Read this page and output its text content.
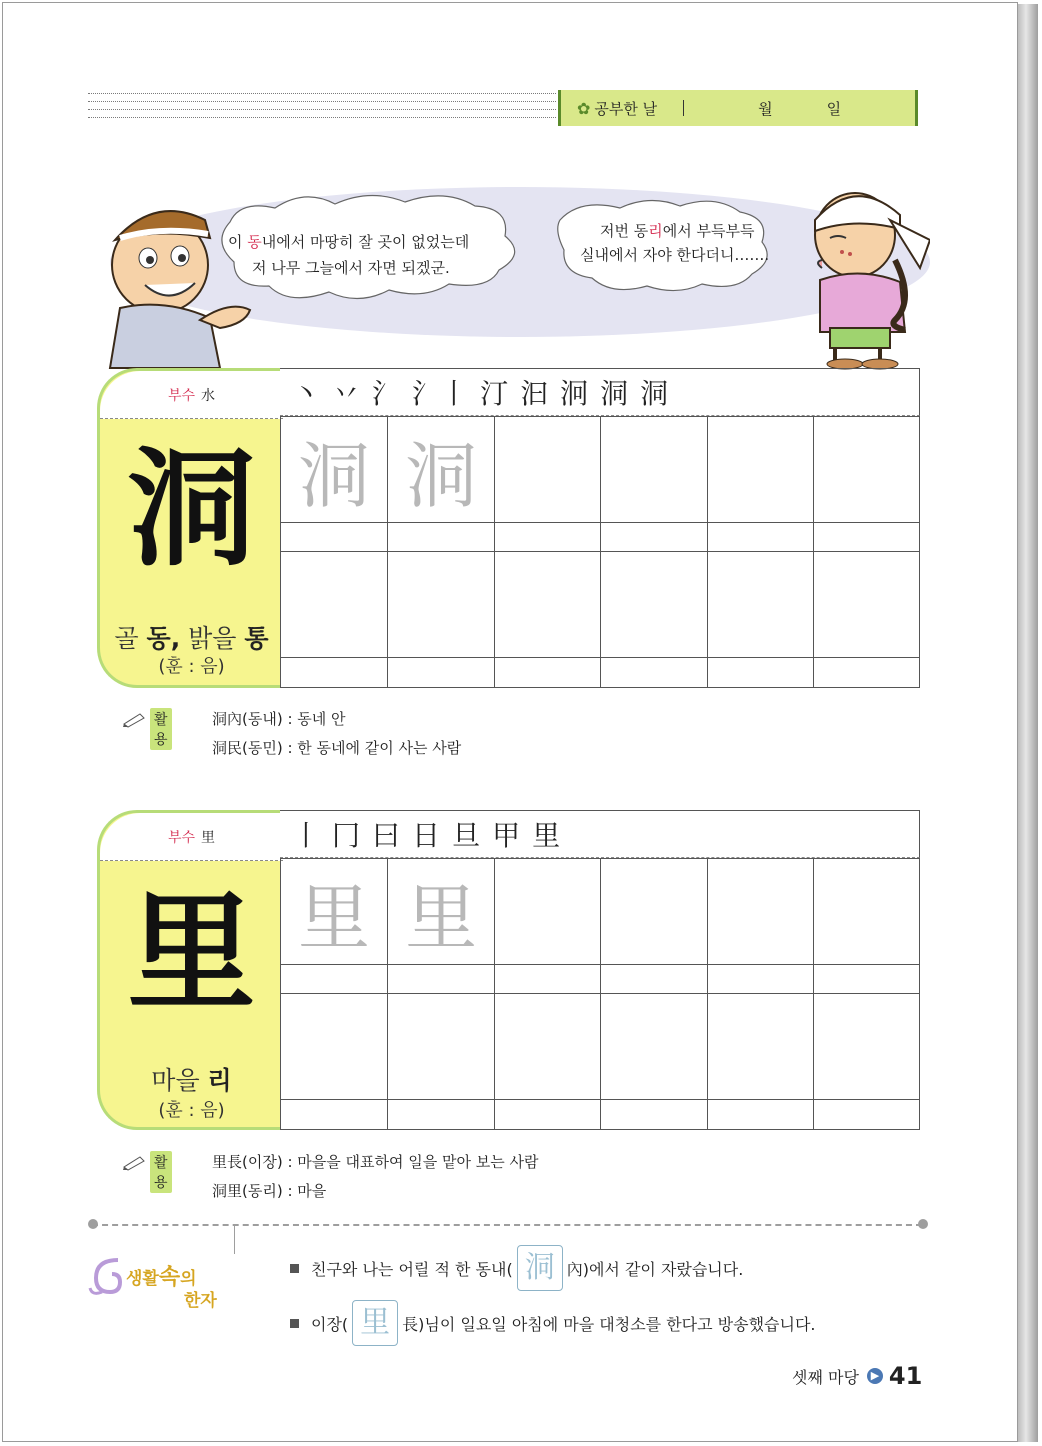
✿ 공부한 날	월	일
이 동내에서 마땅히 잘 곳이 없었는데
저 나무 그늘에서 자면 되겠군.
저번 동리에서 부득부득
실내에서 자야 한다더니…….
부수 水
洞
골 동, 밝을 통
(훈 : 음)
丶 丷 氵 氵丨 汀 汩 泂 洞 洞
洞	洞				

활용
洞內(동내) : 동네 안
洞民(동민) : 한 동네에 같이 사는 사람
부수 里
里
마을 리
(훈 : 음)
丨 冂 曰 日 旦 甲 里
里	里				

활용
里長(이장) : 마을을 대표하여 일을 맡아 보는 사람
洞里(동리) : 마을
생활속의
한자
친구와 나는 어릴 적 한 동내( 洞 內)에서 같이 자랐습니다.
이장( 里 長)님이 일요일 아침에 마을 대청소를 한다고 방송했습니다.
셋째 마당	▶ 41
